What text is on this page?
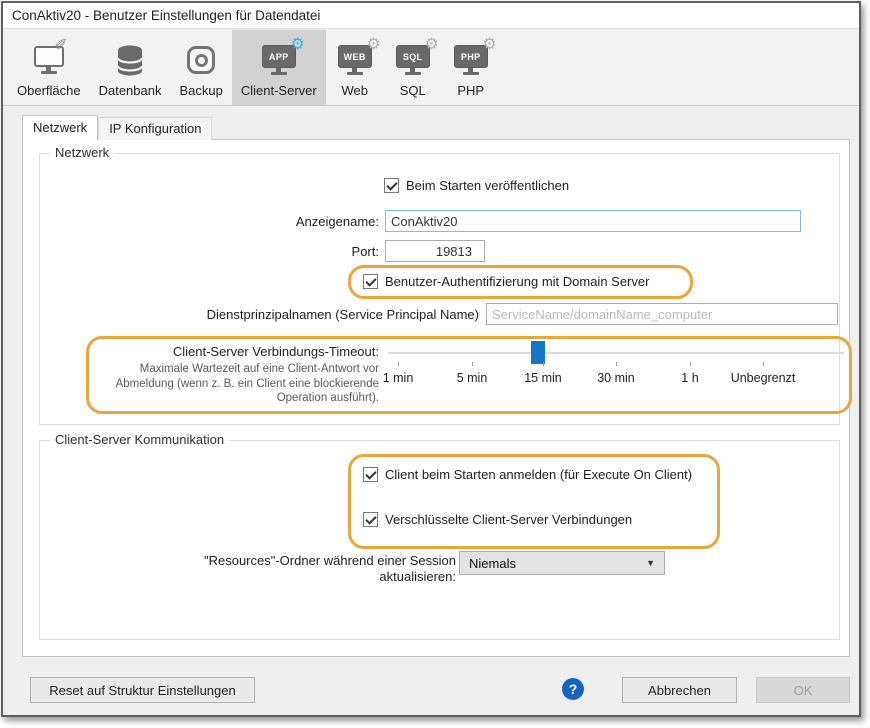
ConAktiv20 - Benutzer Einstellungen für Datendatei
✎
Oberfläche Datenbank Backup
APP
⚙
Client-Server
WEB
⚙
Web
SQL
⚙
SQL
PHP
⚙
PHP
Netzwerk	IP Konfiguration
Netzwerk
Beim Starten veröffentlichen
Anzeigename:
ConAktiv20
Port:
19813
Benutzer-Authentifizierung mit Domain Server
Dienstprinzipalnamen (Service Principal Name)
ServiceName/domainName_computer
Client-Server Verbindungs-Timeout:
Maximale Wartezeit auf eine Client-Antwort vor
Abmeldung (wenn z. B. ein Client eine blockierende
Operation ausführt).
1 min	5 min	15 min	30 min	1 h	Unbegrenzt
Client-Server Kommunikation
Client beim Starten anmelden (für Execute On Client)
Verschlüsselte Client-Server Verbindungen
"Resources"-Ordner während einer Session
aktualisieren:
Niemals	▼
Reset auf Struktur Einstellungen	?	Abbrechen	OK
